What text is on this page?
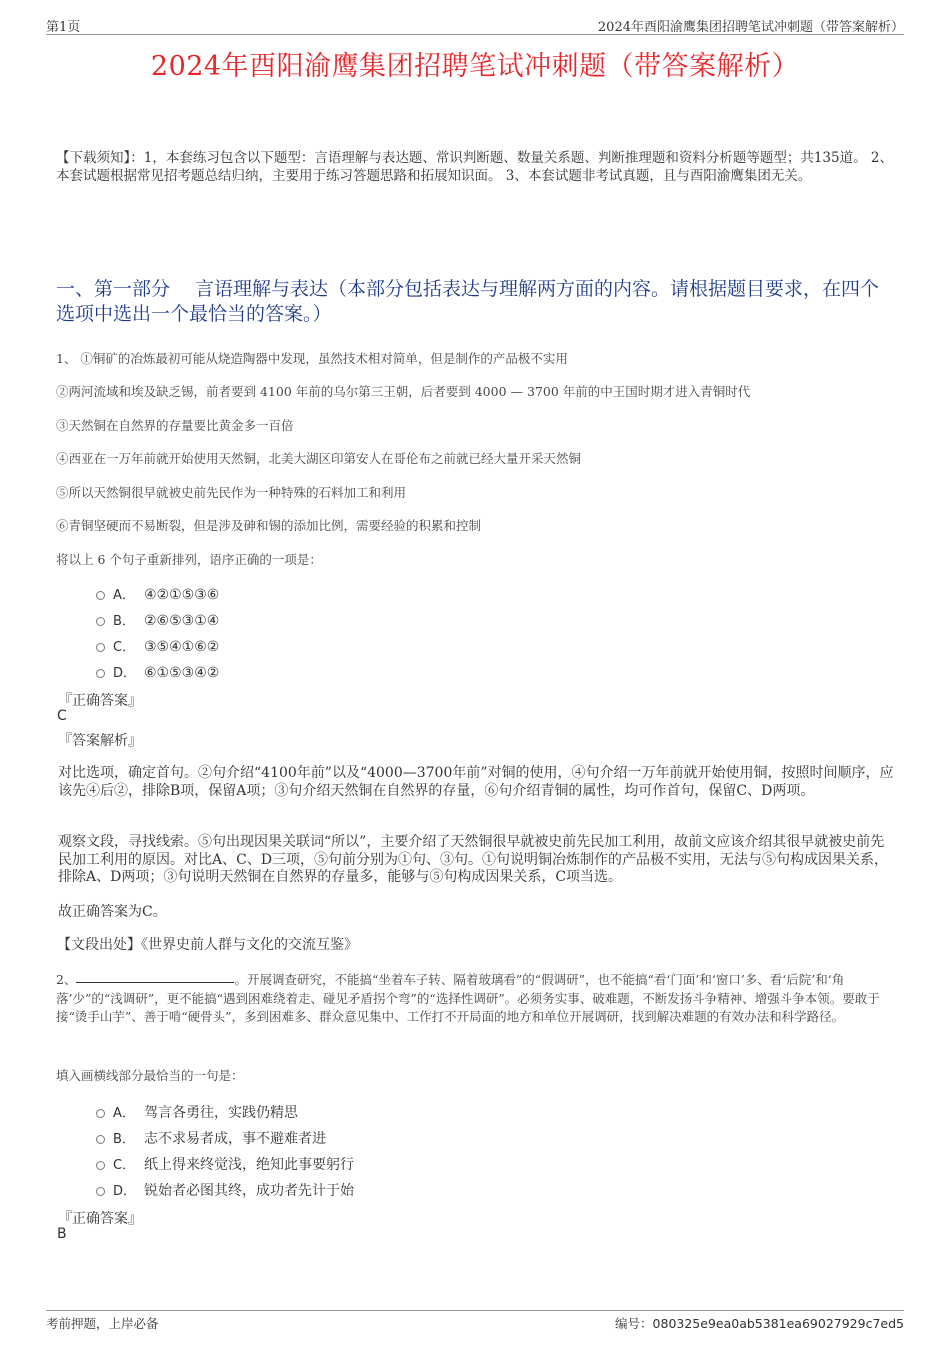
第1页	2024年酉阳渝鹰集团招聘笔试冲刺题（带答案解析）
2024年酉阳渝鹰集团招聘笔试冲刺题（带答案解析）
【下载须知】：1，本套练习包含以下题型：言语理解与表达题、常识判断题、数量关系题、判断推理题和资料分析题等题型；共135道。 2、本套试题根据常见招考题总结归纳，主要用于练习答题思路和拓展知识面。 3、本套试题非考试真题，且与酉阳渝鹰集团无关。
一、第一部分　 言语理解与表达（本部分包括表达与理解两方面的内容。请根据题目要求，在四个选项中选出一个最恰当的答案。）
1、 ①铜矿的冶炼最初可能从烧造陶器中发现，虽然技术相对简单，但是制作的产品极不实用
②两河流域和埃及缺乏锡，前者要到 4100 年前的乌尔第三王朝，后者要到 4000 — 3700 年前的中王国时期才进入青铜时代
③天然铜在自然界的存量要比黄金多一百倍
④西亚在一万年前就开始使用天然铜，北美大湖区印第安人在哥伦布之前就已经大量开采天然铜
⑤所以天然铜很早就被史前先民作为一种特殊的石料加工和利用
⑥青铜坚硬而不易断裂，但是涉及砷和锡的添加比例，需要经验的积累和控制
将以上 6 个句子重新排列，语序正确的一项是：
A． ④②①⑤③⑥
B． ②⑥⑤③①④
C． ③⑤④①⑥②
D． ⑥①⑤③④②
『正确答案』
C
『答案解析』
对比选项，确定首句。②句介绍“4100年前”以及“4000—3700年前”对铜的使用，④句介绍一万年前就开始使用铜，按照时间顺序，应该先④后②，排除B项，保留A项；③句介绍天然铜在自然界的存量，⑥句介绍青铜的属性，均可作首句，保留C、D两项。
观察文段，寻找线索。⑤句出现因果关联词“所以”，主要介绍了天然铜很早就被史前先民加工利用，故前文应该介绍其很早就被史前先民加工利用的原因。对比A、C、D三项，⑤句前分别为①句、③句。①句说明铜冶炼制作的产品极不实用，无法与⑤句构成因果关系，排除A、D两项；③句说明天然铜在自然界的存量多，能够与⑤句构成因果关系，C项当选。
故正确答案为C。
【文段出处】《世界史前人群与文化的交流互鉴》
2、	。开展调查研究，不能搞“坐着车子转、隔着玻璃看”的“假调研”，也不能搞“看‘门面’和‘窗口’多、看‘后院’和‘角落’少”的“浅调研”，更不能搞“遇到困难绕着走、碰见矛盾拐个弯”的“选择性调研”。必须务实事、破难题，不断发扬斗争精神、增强斗争本领。要敢于接“烫手山芋”、善于啃“硬骨头”，多到困难多、群众意见集中、工作打不开局面的地方和单位开展调研，找到解决难题的有效办法和科学路径。
填入画横线部分最恰当的一句是：
A． 驾言各勇往，实践仍精思
B． 志不求易者成，事不避难者进
C． 纸上得来终觉浅，绝知此事要躬行
D． 锐始者必图其终，成功者先计于始
『正确答案』
B
考前押题，上岸必备	编号：080325e9ea0ab5381ea69027929c7ed5
